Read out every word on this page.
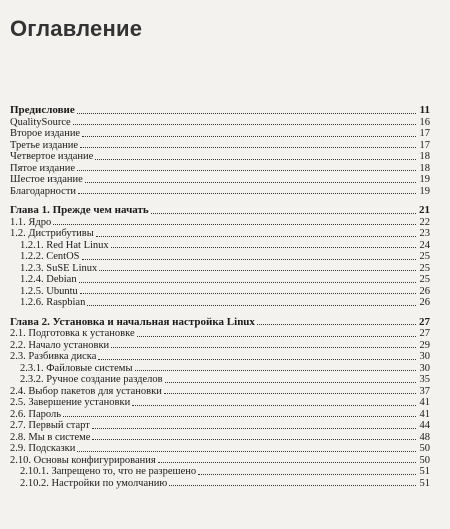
Оглавление
Предисловие	11
QualitySource	16
Второе издание	17
Третье издание	17
Четвертое издание	18
Пятое издание	18
Шестое издание	19
Благодарности	19
Глава 1. Прежде чем начать	21
1.1. Ядро	22
1.2. Дистрибутивы	23
1.2.1. Red Hat Linux	24
1.2.2. CentOS	25
1.2.3. SuSE Linux	25
1.2.4. Debian	25
1.2.5. Ubuntu	26
1.2.6. Raspbian	26
Глава 2. Установка и начальная настройка Linux	27
2.1. Подготовка к установке	27
2.2. Начало установки	29
2.3. Разбивка диска	30
2.3.1. Файловые системы	30
2.3.2. Ручное создание разделов	35
2.4. Выбор пакетов для установки	37
2.5. Завершение установки	41
2.6. Пароль	41
2.7. Первый старт	44
2.8. Мы в системе	48
2.9. Подсказки	50
2.10. Основы конфигурирования	50
2.10.1. Запрещено то, что не разрешено	51
2.10.2. Настройки по умолчанию	51
